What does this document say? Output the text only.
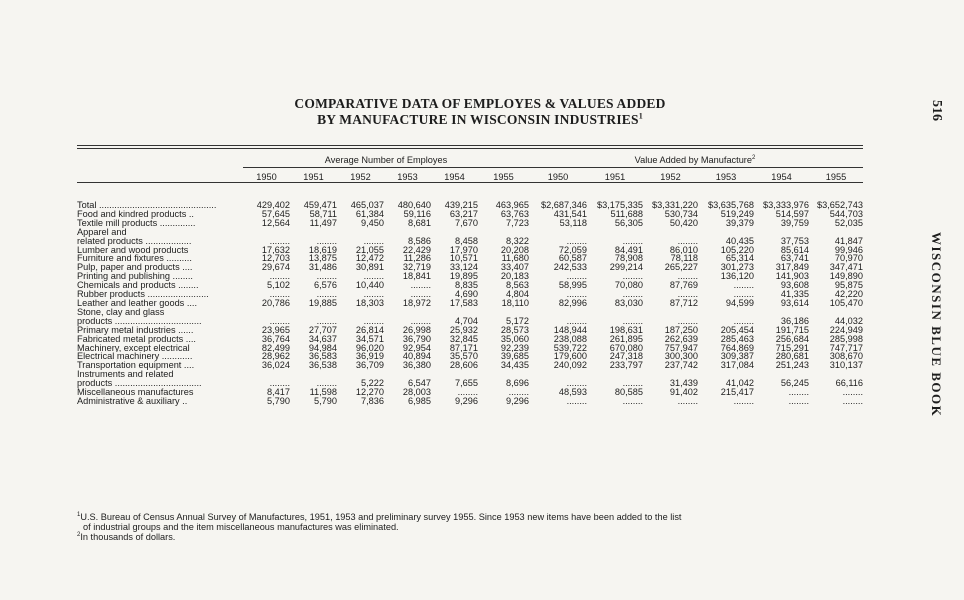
COMPARATIVE DATA OF EMPLOYES & VALUES ADDED
BY MANUFACTURE IN WISCONSIN INDUSTRIES$^1$	516
WISCONSIN BLUE BOOK
Average Number of Employes	Value Added by Manufacture$^2$
	1950	1951	1952	1953	1954	1955	1950	1951	1952	1953	1954	1955

Total ..............................................	429,402	459,471	465,037	480,640	439,215	463,965	$2,687,346	$3,175,335	$3,331,220	$3,635,768	$3,333,976	$3,652,743
Food and kindred products ..	57,645	58,711	61,384	59,116	63,217	63,763	431,541	511,688	530,734	519,249	514,597	544,703
Textile mill products ..............	12,564	11,497	9,450	8,681	7,670	7,723	53,118	56,305	50,420	39,379	39,759	52,035
Apparel and												
related products ..................	........	........	........	8,586	8,458	8,322	........	........	........	40,435	37,753	41,847
Lumber and wood products	17,632	18,619	21,055	22,429	17,970	20,208	72,059	84,491	86,010	105,220	85,614	99,946
Furniture and fixtures ..........	12,703	13,875	12,472	11,286	10,571	11,680	60,587	78,908	78,118	65,314	63,741	70,970
Pulp, paper and products ....	29,674	31,486	30,891	32,719	33,124	33,407	242,533	299,214	265,227	301,273	317,849	347,471
Printing and publishing ........	........	........	........	18,841	19,895	20,183	........	........	........	136,120	141,903	149,890
Chemicals and products ........	5,102	6,576	10,440	........	8,835	8,563	58,995	70,080	87,769	........	93,608	95,875
Rubber products ........................	........	........	........	........	4,690	4,804	........	........	........	........	41,335	42,220
Leather and leather goods ....	20,786	19,885	18,303	18,972	17,583	18,110	82,996	83,030	87,712	94,599	93,614	105,470
Stone, clay and glass												
products ..................................	........	........	........	........	4,704	5,172	........	........	........	........	36,186	44,032
Primary metal industries ......	23,965	27,707	26,814	26,998	25,932	28,573	148,944	198,631	187,250	205,454	191,715	224,949
Fabricated metal products ....	36,764	34,637	34,571	36,790	32,845	35,060	238,088	261,895	262,639	285,463	256,684	285,998
Machinery, except electrical	82,499	94,984	96,020	92,954	87,171	92,239	539,722	670,080	757,947	764,869	715,291	747,717
Electrical machinery ............	28,962	36,583	36,919	40,894	35,570	39,685	179,600	247,318	300,300	309,387	280,681	308,670
Transportation equipment ....	36,024	36,538	36,709	36,380	28,606	34,435	240,092	233,797	237,742	317,084	251,243	310,137
Instruments and related												
products ..................................	........	........	5,222	6,547	7,655	8,696	........	........	31,439	41,042	56,245	66,116
Miscellaneous manufactures	8,417	11,598	12,270	28,003	........	........	48,593	80,585	91,402	215,417	........	........
Administrative & auxiliary ..	5,790	5,790	7,836	6,985	9,296	9,296	........	........	........	........	........	........
$^1$U.S. Bureau of Census Annual Survey of Manufactures, 1951, 1953 and preliminary survey 1955. Since 1953 new items have been added to the list
of industrial groups and the item miscellaneous manufactures was eliminated.
$^2$In thousands of dollars.
